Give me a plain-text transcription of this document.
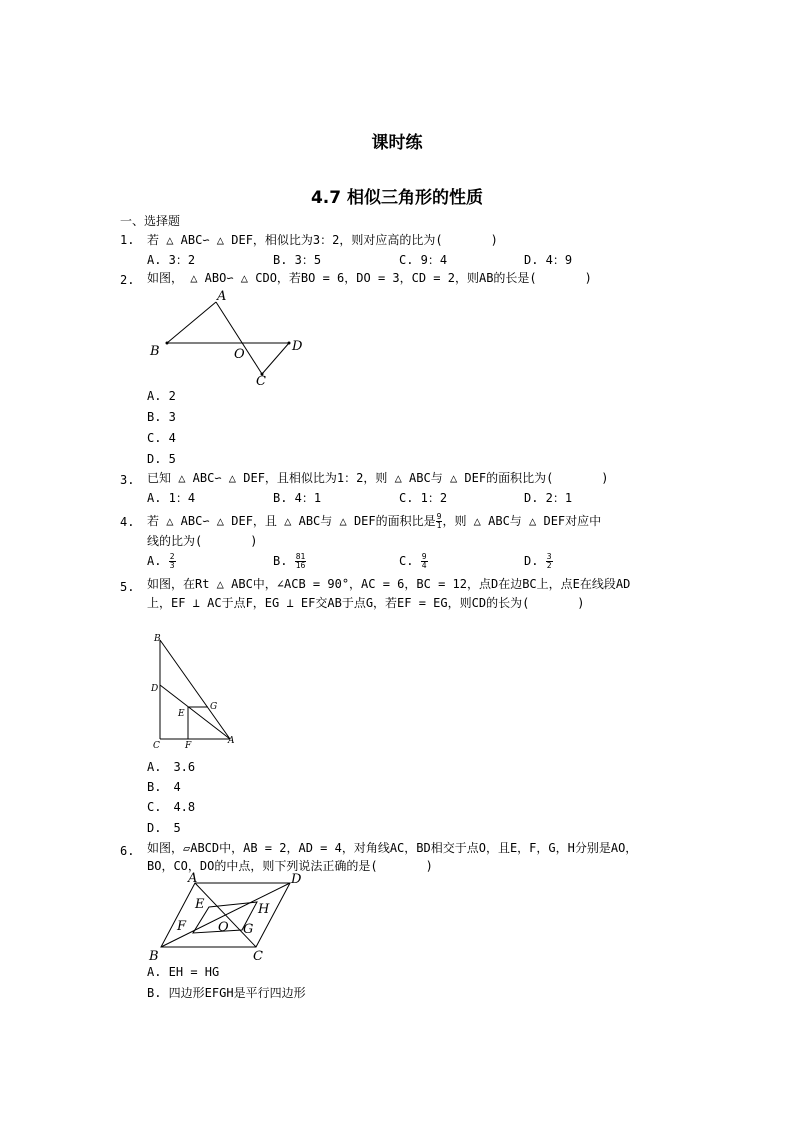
课时练
4.7 相似三角形的性质
一、选择题
1. 若 △ ABC∽ △ DEF，相似比为3：2，则对应高的比为(　　　　)
A. 3：2	B. 3：5	C. 9：4	D. 4：9
2. 如图， △ ABO∽ △ CDO，若BO = 6，DO = 3，CD = 2，则AB的长是(　　　　)
A
B	O
D
C
A. 2
B. 3
C. 4
D. 5
3. 已知 △ ABC∽ △ DEF，且相似比为1：2，则 △ ABC与 △ DEF的面积比为(　　　　)
A. 1：4	B. 4：1	C. 1：2	D. 2：1
4. 若 △ ABC∽ △ DEF，且 △ ABC与 △ DEF的面积比是 $\frac{9}{1}$ ，则 △ ABC与 △ DEF对应中
线的比为(　　　　)
A. $\frac{2}{3}$	B. $\frac{81}{16}$	C. $\frac{9}{4}$	D. $\frac{3}{2}$
5. 如图，在Rt △ ABC中，∠ACB = 90°，AC = 6，BC = 12，点D在边BC上，点E在线段AD
上，EF ⊥ AC于点F，EG ⊥ EF交AB于点G，若EF = EG，则CD的长为(　　　　)
B
D
E
G
C	F	A
A.　3.6
B.　4
C.　4.8
D.　5
6. 如图，▱ABCD中，AB = 2，AD = 4，对角线AC，BD相交于点O，且E，F，G，H分别是AO，
BO，CO，DO的中点，则下列说法正确的是(　　　　)
A	D
E	H
F O G
B	C
A. EH = HG
B. 四边形EFGH是平行四边形
